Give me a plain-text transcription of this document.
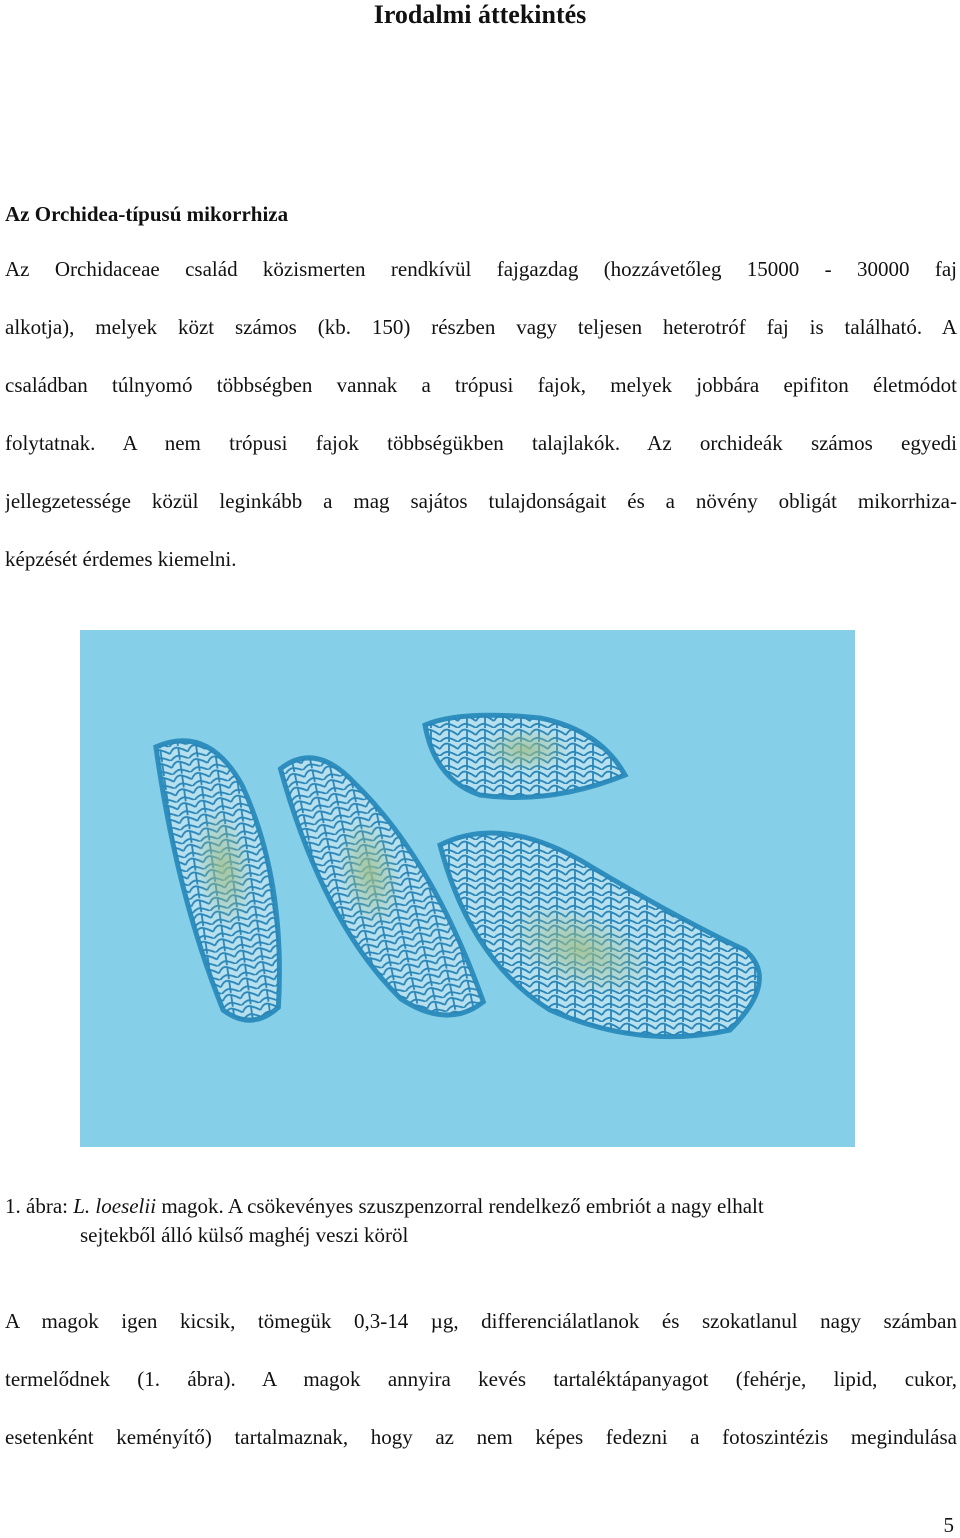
Irodalmi áttekintés
Az Orchidea-típusú mikorrhiza
Az Orchidaceae család közismerten rendkívül fajgazdag (hozzávetőleg 15000 - 30000 faj
alkotja), melyek közt számos (kb. 150) részben vagy teljesen heterotróf faj is található. A
családban túlnyomó többségben vannak a trópusi fajok, melyek jobbára epifiton életmódot
folytatnak. A nem trópusi fajok többségükben talajlakók. Az orchideák számos egyedi
jellegzetessége közül leginkább a mag sajátos tulajdonságait és a növény obligát mikorrhiza-
képzését érdemes kiemelni.
1. ábra: L. loeselii magok. A csökevényes szuszpenzorral rendelkező embriót a nagy elhalt
sejtekből álló külső maghéj veszi köröl
A magok igen kicsik, tömegük 0,3-14 µg, differenciálatlanok és szokatlanul nagy számban
termelődnek (1. ábra). A magok annyira kevés tartaléktápanyagot (fehérje, lipid, cukor,
esetenként keményítő) tartalmaznak, hogy az nem képes fedezni a fotoszintézis megindulása
5
